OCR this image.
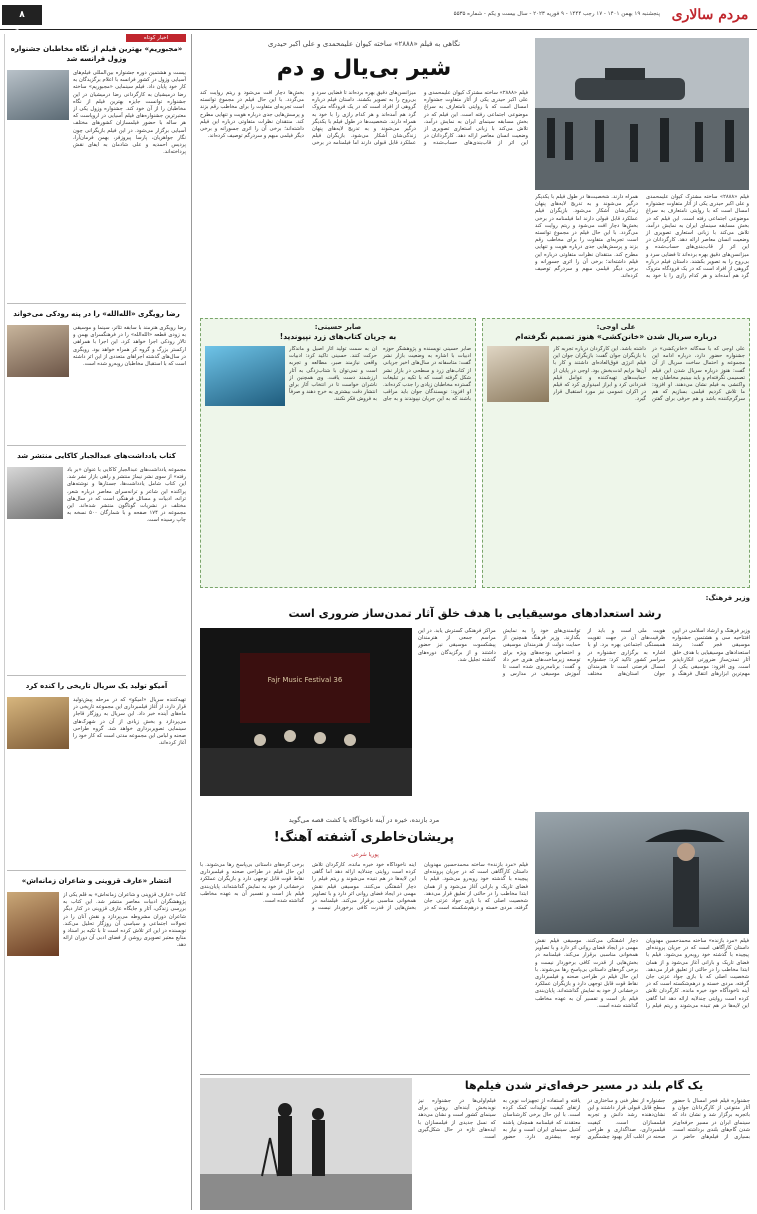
۸ فرهنگی
پنجشنبه ۱۹ بهمن ۱۴۰۱ - ۱۷ رجب ۱۴۴۴ - ۹ فوریه ۲۰۲۳ - سال بیست و یکم - شماره ۵۵۳۵ مردم سالاری
اخبار کوتاه
«مجبوریم» بهترین فیلم از نگاه مخاطبان جشنواره وزول فرانسه شد
بیست و هشتمین دوره جشنواره بین‌المللی فیلم‌های آسیایی وزول در کشور فرانسه با اعلام برگزیدگان به کار خود پایان داد. فیلم سینمایی «مجبوریم» ساخته رضا درمیشیان به کارگردانی رضا درمیشیان در این جشنواره توانست جایزه بهترین فیلم از نگاه مخاطبان را از آن خود کند. جشنواره وزول یکی از معتبرترین جشنواره‌های فیلم آسیایی در اروپاست که هر ساله با حضور فیلمسازان کشورهای مختلف آسیایی برگزار می‌شود. در این فیلم بازیگرانی چون نگار جواهریان، پارسا پیروزفر، بهمن فرمان‌آرا، پردیس احمدیه و علی شادمان به ایفای نقش پرداخته‌اند.
رضا رویگری «الله‌الله» را در پنه رودکی می‌خواند
رضا رویگری هنرمند با سابقه تئاتر، سینما و موسیقی به زودی قطعه «الله‌الله» را در فرهنگسرای بهمن و تالار رودکی اجرا خواهد کرد. این اجرا با همراهی ارکستر بزرگ و گروه کر همراه خواهد بود. رویگری در سال‌های گذشته اجراهای متعددی از این اثر داشته است که با استقبال مخاطبان روبه‌رو شده است.
کتاب یادداشت‌های عبدالجبار کاکایی منتشر شد
مجموعه یادداشت‌های عبدالجبار کاکایی با عنوان «بر باد رفته» از سوی نشر نیماژ منتشر و راهی بازار نشر شد. این کتاب شامل یادداشت‌ها، جستارها و نوشته‌های پراکنده این شاعر و ترانه‌سرای معاصر درباره شعر، ترانه، ادبیات و مسائل فرهنگی است که در سال‌های مختلف در نشریات گوناگون منتشر شده‌اند. این مجموعه در ۱۷۴ صفحه و با شمارگان ۵۰۰ نسخه به چاپ رسیده است.
آمیکو تولید یک سریال تاریخی را کنده کرد
تهیه‌کننده سریال «آمیکو» که در مرحله پیش‌تولید قرار دارد، از آغاز فیلمبرداری این مجموعه تاریخی در ماه‌های آینده خبر داد. این سریال به روزگار قاجار می‌پردازد و بخش زیادی از آن در شهرک‌های سینمایی تصویربرداری خواهد شد. گروه طراحی صحنه و لباس این مجموعه مدتی است که کار خود را آغاز کرده‌اند.
انتشار «عارف قزوینی و شاعران زمانه‌اش»
کتاب «عارف قزوینی و شاعران زمانه‌اش» به قلم یکی از پژوهشگران ادبیات معاصر منتشر شد. این کتاب به بررسی زندگی، آثار و جایگاه عارف قزوینی در کنار دیگر شاعران دوران مشروطه می‌پردازد و نقش آنان را در تحولات اجتماعی و سیاسی آن روزگار تحلیل می‌کند. نویسنده در این اثر تلاش کرده است تا با تکیه بر اسناد و منابع معتبر تصویری روشن از فضای ادبی آن دوران ارائه دهد.
نگاهی به فیلم «۲۸۸۸» ساخته کیوان علیمحمدی و علی اکبر حیدری
شیر بی‌یال و دم
فیلم «۲۸۸۸» ساخته مشترک کیوان علیمحمدی و علی اکبر حیدری یکی از آثار متفاوت جشنواره امسال است که با روایتی نامتعارف به سراغ موضوعی اجتماعی رفته است. این فیلم که در بخش مسابقه سینمای ایران به نمایش درآمد، تلاش می‌کند با زبانی استعاری تصویری از وضعیت انسان معاصر ارائه دهد. کارگردانان در این اثر از قاب‌بندی‌های حساب‌شده و میزانسن‌های دقیق بهره برده‌اند تا فضایی سرد و بی‌روح را به تصویر بکشند. داستان فیلم درباره گروهی از افراد است که در یک فرودگاه متروک گرد هم آمده‌اند و هر کدام رازی را با خود به همراه دارند. شخصیت‌ها در طول فیلم با یکدیگر درگیر می‌شوند و به تدریج لایه‌های پنهان زندگی‌شان آشکار می‌شود. بازیگران فیلم عملکرد قابل قبولی دارند اما فیلمنامه در برخی بخش‌ها دچار افت می‌شود و ریتم روایت کند می‌گردد. با این حال فیلم در مجموع توانسته است تجربه‌ای متفاوت را برای مخاطب رقم بزند و پرسش‌هایی جدی درباره هویت و تنهایی مطرح کند. منتقدان نظرات متفاوتی درباره این فیلم داشته‌اند؛ برخی آن را اثری جسورانه و برخی دیگر فیلمی مبهم و سردرگم توصیف کرده‌اند.
فیلم «۲۸۸۸» ساخته مشترک کیوان علیمحمدی و علی اکبر حیدری یکی از آثار متفاوت جشنواره امسال است که با روایتی نامتعارف به سراغ موضوعی اجتماعی رفته است. این فیلم که در بخش مسابقه سینمای ایران به نمایش درآمد، تلاش می‌کند با زبانی استعاری تصویری از وضعیت انسان معاصر ارائه دهد. کارگردانان در این اثر از قاب‌بندی‌های حساب‌شده و میزانسن‌های دقیق بهره برده‌اند تا فضایی سرد و بی‌روح را به تصویر بکشند. داستان فیلم درباره گروهی از افراد است که در یک فرودگاه متروک گرد هم آمده‌اند و هر کدام رازی را با خود به همراه دارند. شخصیت‌ها در طول فیلم با یکدیگر درگیر می‌شوند و به تدریج لایه‌های پنهان زندگی‌شان آشکار می‌شود. بازیگران فیلم عملکرد قابل قبولی دارند اما فیلمنامه در برخی بخش‌ها دچار افت می‌شود و ریتم روایت کند می‌گردد. با این حال فیلم در مجموع توانسته است تجربه‌ای متفاوت را برای مخاطب رقم بزند و پرسش‌هایی جدی درباره هویت و تنهایی مطرح کند. منتقدان نظرات متفاوتی درباره این فیلم داشته‌اند؛ برخی آن را اثری جسورانه و برخی دیگر فیلمی مبهم و سردرگم توصیف کرده‌اند.
علی اوجی:
درباره سریال شدن «خانن‌کشی» هنوز تصمیم نگرفته‌ام
علی اوجی که با سه‌گانه «خانن‌کشی» در جشنواره حضور دارد، درباره ادامه این مجموعه و احتمال ساخت سریال از آن گفت: هنوز درباره سریال شدن این فیلم تصمیمی نگرفته‌ام و باید ببینیم مخاطبان چه واکنشی به فیلم نشان می‌دهند. او افزود: ما تلاش کردیم فیلمی بسازیم که هم سرگرم‌کننده باشد و هم حرفی برای گفتن داشته باشد. این کارگردان درباره تجربه کار با بازیگران جوان گفت: بازیگران جوان این فیلم انرژی فوق‌العاده‌ای داشتند و کار با آن‌ها برایم لذت‌بخش بود. اوجی در پایان از حمایت‌های تهیه‌کننده و عوامل فیلم قدردانی کرد و ابراز امیدواری کرد که فیلم در اکران عمومی نیز مورد استقبال قرار گیرد.
صابر حسینی:
به جریان کتاب‌های زرد نپیوندید!
صابر حسینی نویسنده و پژوهشگر حوزه ادبیات با اشاره به وضعیت بازار نشر گفت: متاسفانه در سال‌های اخیر جریانی از کتاب‌های زرد و سطحی در بازار نشر شکل گرفته است که با تکیه بر تبلیغات گسترده مخاطبان زیادی را جذب کرده‌اند. او افزود: نویسندگان جوان باید مراقب باشند که به این جریان نپیوندند و به جای آن به سمت تولید آثار اصیل و ماندگار حرکت کنند. حسینی تاکید کرد: ادبیات واقعی نیازمند صبر، مطالعه و تجربه است و نمی‌توان با شتاب‌زدگی به آثار ارزشمند دست یافت. وی همچنین از ناشران خواست تا در انتخاب آثار برای انتشار دقت بیشتری به خرج دهند و صرفاً به فروش فکر نکنند.
وزیر فرهنگ:
رشد استعدادهای موسیقیایی با هدف خلق آثار تمدن‌ساز ضروری است
36 Fajr Music Festival
وزیر فرهنگ و ارشاد اسلامی در آیین افتتاحیه سی و هشتمین جشنواره موسیقی فجر گفت: رشد استعدادهای موسیقیایی با هدف خلق آثار تمدن‌ساز ضرورتی انکارناپذیر است. وی افزود: موسیقی یکی از مهم‌ترین ابزارهای انتقال فرهنگ و هویت ملی است و باید از ظرفیت‌های آن در جهت تقویت همبستگی اجتماعی بهره برد. او با اشاره به برگزاری جشنواره در سراسر کشور تاکید کرد: جشنواره امسال فرصتی است تا هنرمندان جوان استان‌های مختلف توانمندی‌های خود را به نمایش بگذارند. وزیر فرهنگ همچنین از حمایت دولت از هنرمندان موسیقی و اختصاص بودجه‌های ویژه برای توسعه زیرساخت‌های هنری خبر داد و گفت: برنامه‌ریزی شده است تا آموزش موسیقی در مدارس و مراکز فرهنگی گسترش یابد. در این مراسم جمعی از هنرمندان پیشکسوت موسیقی نیز حضور داشتند و از برگزیدگان دوره‌های گذشته تجلیل شد.
مرد بازنده، خیره در آینه ناخودآگاه یا کشت قصه می‌گوید
پریشان‌خاطری آشفته آهنگ!
پوریا شرعی
فیلم «مرد بازنده» ساخته محمدحسین مهدویان داستان کارآگاهی است که در جریان پرونده‌ای پیچیده با گذشته خود روبه‌رو می‌شود. فیلم با فضای تاریک و بارانی آغاز می‌شود و از همان ابتدا مخاطب را در حالتی از تعلیق قرار می‌دهد. شخصیت اصلی که با بازی جواد عزتی جان گرفته، مردی خسته و درهم‌شکسته است که در آینه ناخودآگاه خود خیره مانده. کارگردان تلاش کرده است روایتی چندلایه ارائه دهد اما گاهی این لایه‌ها در هم تنیده می‌شوند و ریتم فیلم را دچار آشفتگی می‌کنند. موسیقی فیلم نقش مهمی در ایجاد فضای روانی اثر دارد و با تصاویر همخوانی مناسبی برقرار می‌کند. فیلمنامه در بخش‌هایی از قدرت کافی برخوردار نیست و برخی گره‌های داستانی بی‌پاسخ رها می‌شوند. با این حال فیلم در طراحی صحنه و فیلمبرداری نقاط قوت قابل توجهی دارد و بازیگران عملکرد درخشانی از خود به نمایش گذاشته‌اند. پایان‌بندی فیلم باز است و تفسیر آن به عهده مخاطب گذاشته شده است.
فیلم «مرد بازنده» ساخته محمدحسین مهدویان داستان کارآگاهی است که در جریان پرونده‌ای پیچیده با گذشته خود روبه‌رو می‌شود. فیلم با فضای تاریک و بارانی آغاز می‌شود و از همان ابتدا مخاطب را در حالتی از تعلیق قرار می‌دهد. شخصیت اصلی که با بازی جواد عزتی جان گرفته، مردی خسته و درهم‌شکسته است که در آینه ناخودآگاه خود خیره مانده. کارگردان تلاش کرده است روایتی چندلایه ارائه دهد اما گاهی این لایه‌ها در هم تنیده می‌شوند و ریتم فیلم را دچار آشفتگی می‌کنند. موسیقی فیلم نقش مهمی در ایجاد فضای روانی اثر دارد و با تصاویر همخوانی مناسبی برقرار می‌کند. فیلمنامه در بخش‌هایی از قدرت کافی برخوردار نیست و برخی گره‌های داستانی بی‌پاسخ رها می‌شوند. با این حال فیلم در طراحی صحنه و فیلمبرداری نقاط قوت قابل توجهی دارد و بازیگران عملکرد درخشانی از خود به نمایش گذاشته‌اند. پایان‌بندی فیلم باز است و تفسیر آن به عهده مخاطب گذاشته شده است.
یک گام بلند در مسیر حرفه‌ای‌تر شدن فیلم‌ها
جشنواره فیلم فجر امسال با حضور آثار متنوعی از کارگردانان جوان و باتجربه برگزار شد و نشان داد که سینمای ایران در مسیر حرفه‌ای‌تر شدن گام‌های بلندی برداشته است. بسیاری از فیلم‌های حاضر در جشنواره از نظر فنی و ساختاری در سطح قابل قبولی قرار داشتند و این نشان‌دهنده رشد دانش و تجربه فیلمسازان است. کیفیت فیلمبرداری، صداگذاری و طراحی صحنه در اغلب آثار بهبود چشمگیری یافته و استفاده از تجهیزات نوین به ارتقای کیفیت تولیدات کمک کرده است. با این حال برخی کارشناسان معتقدند که فیلمنامه همچنان پاشنه آشیل سینمای ایران است و نیاز به توجه بیشتری دارد. حضور فیلم‌اولی‌ها در جشنواره نیز نویدبخش آینده‌ای روشن برای سینمای کشور است و نشان می‌دهد که نسل جدیدی از فیلمسازان با ایده‌های تازه در حال شکل‌گیری است.
